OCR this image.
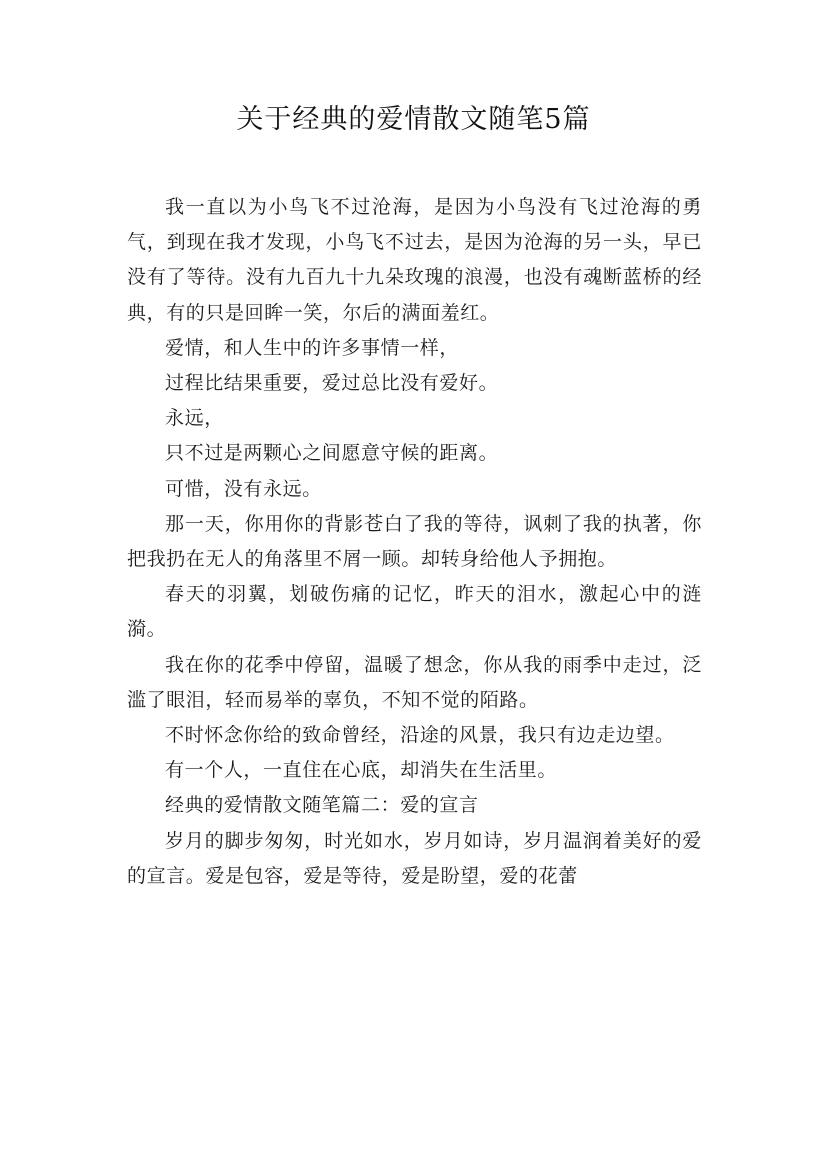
关于经典的爱情散文随笔5篇

我一直以为小鸟飞不过沧海，是因为小鸟没有飞过沧海的勇气，到现在我才发现，小鸟飞不过去，是因为沧海的另一头，早已没有了等待。没有九百九十九朵玫瑰的浪漫，也没有魂断蓝桥的经典，有的只是回眸一笑，尔后的满面羞红。

爱情，和人生中的许多事情一样，

过程比结果重要，爱过总比没有爱好。

永远，

只不过是两颗心之间愿意守候的距离。

可惜，没有永远。

那一天，你用你的背影苍白了我的等待，讽刺了我的执著，你把我扔在无人的角落里不屑一顾。却转身给他人予拥抱。

春天的羽翼，划破伤痛的记忆，昨天的泪水，激起心中的涟漪。

我在你的花季中停留，温暖了想念，你从我的雨季中走过，泛滥了眼泪，轻而易举的辜负，不知不觉的陌路。

不时怀念你给的致命曾经，沿途的风景，我只有边走边望。

有一个人，一直住在心底，却消失在生活里。

经典的爱情散文随笔篇二：爱的宣言

岁月的脚步匆匆，时光如水，岁月如诗，岁月温润着美好的爱的宣言。爱是包容，爱是等待，爱是盼望，爱的花蕾
